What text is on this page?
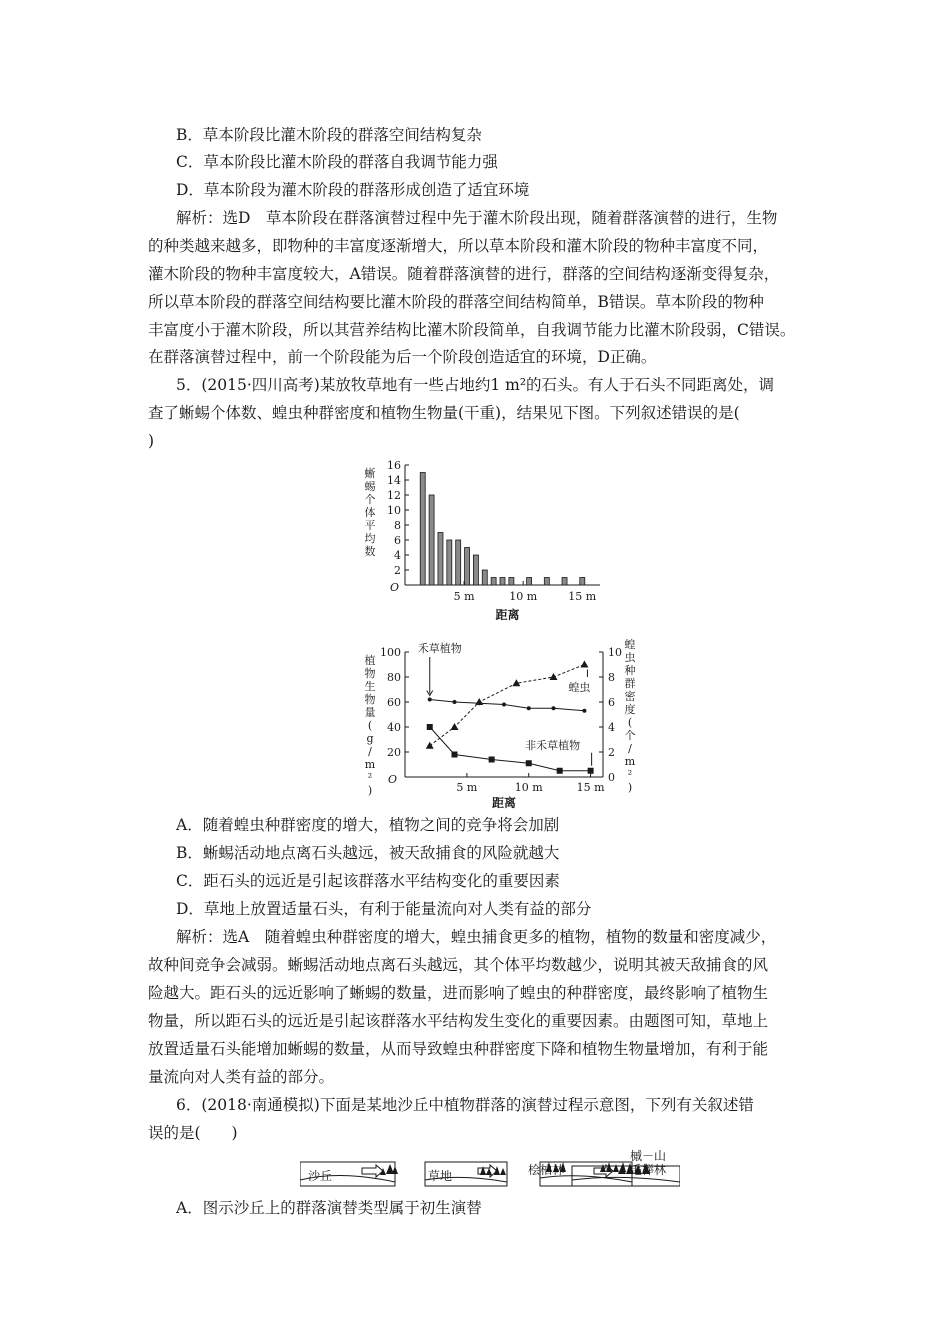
B．草本阶段比灌木阶段的群落空间结构复杂
C．草本阶段比灌木阶段的群落自我调节能力强
D．草本阶段为灌木阶段的群落形成创造了适宜环境
解析：选D　草本阶段在群落演替过程中先于灌木阶段出现，随着群落演替的进行，生物
的种类越来越多，即物种的丰富度逐渐增大，所以草本阶段和灌木阶段的物种丰富度不同，
灌木阶段的物种丰富度较大，A错误。随着群落演替的进行，群落的空间结构逐渐变得复杂，
所以草本阶段的群落空间结构要比灌木阶段的群落空间结构简单，B错误。草本阶段的物种
丰富度小于灌木阶段，所以其营养结构比灌木阶段简单，自我调节能力比灌木阶段弱，C错误。
在群落演替过程中，前一个阶段能为后一个阶段创造适宜的环境，D正确。
5．(2015·四川高考)某放牧草地有一些占地约1 m²的石头。有人于石头不同距离处，调
查了蜥蜴个体数、蝗虫种群密度和植物生物量(干重)，结果见下图。下列叙述错误的是(
)
2
4
6
8
10
12
14
16
O
5 m	10 m	15 m
距离
蜥
蜴
个
体
平
均
数
20
40
60
80
100
2
4
6
8
10
0
O
5 m	10 m	15 m
禾草植物
蝗虫
非禾草植物
距离
植
物
生
物
量
(
g
/
m
²
)
蝗
虫
种
群
密
度
(
个
/
m
²
)
A．随着蝗虫种群密度的增大，植物之间的竞争将会加剧
B．蜥蜴活动地点离石头越远，被天敌捕食的风险就越大
C．距石头的远近是引起该群落水平结构变化的重要因素
D．草地上放置适量石头，有利于能量流向对人类有益的部分
解析：选A　随着蝗虫种群密度的增大，蝗虫捕食更多的植物，植物的数量和密度减少，
故种间竞争会减弱。蜥蜴活动地点离石头越远，其个体平均数越少，说明其被天敌捕食的风
险越大。距石头的远近影响了蜥蜴的数量，进而影响了蝗虫的种群密度，最终影响了植物生
物量，所以距石头的远近是引起该群落水平结构发生变化的重要因素。由题图可知，草地上
放置适量石头能增加蜥蜴的数量，从而导致蝗虫种群密度下降和植物生物量增加，有利于能
量流向对人类有益的部分。
6．(2018·南通模拟)下面是某地沙丘中植物群落的演替过程示意图，下列有关叙述错
误的是(　　)
沙丘	草地	桧柏林
槭－山
毛榉林
A．图示沙丘上的群落演替类型属于初生演替
